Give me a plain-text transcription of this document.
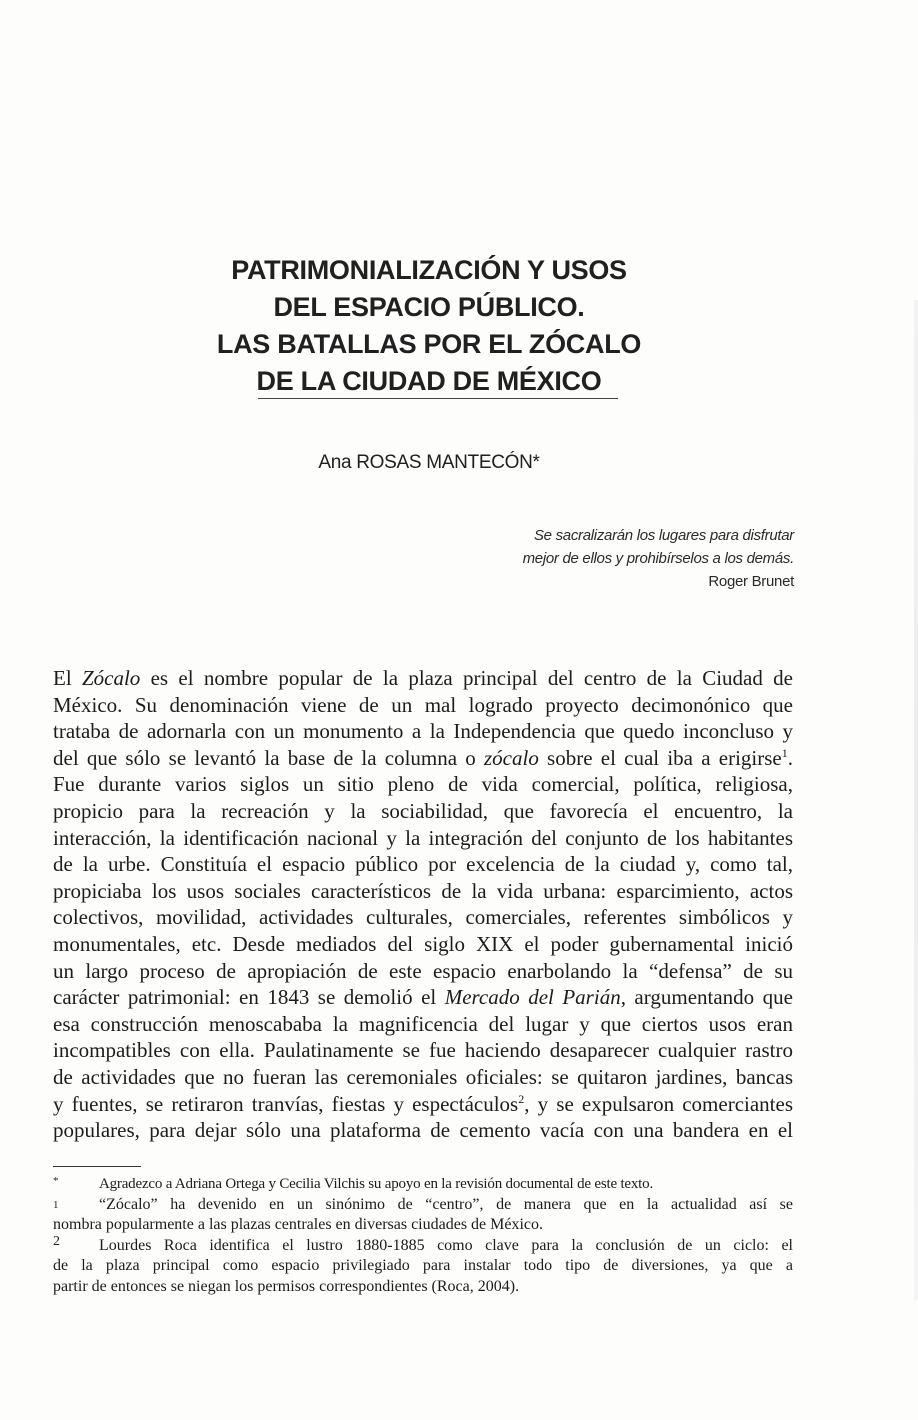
PATRIMONIALIZACIÓN Y USOS
DEL ESPACIO PÚBLICO.
LAS BATALLAS POR EL ZÓCALO
DE LA CIUDAD DE MÉXICO
Ana ROSAS MANTECÓN*
Se sacralizarán los lugares para disfrutar
mejor de ellos y prohibírselos a los demás.
Roger Brunet
El Zócalo es el nombre popular de la plaza principal del centro de la Ciudad de
México. Su denominación viene de un mal logrado proyecto decimonónico que
trataba de adornarla con un monumento a la Independencia que quedo inconcluso y
del que sólo se levantó la base de la columna o zócalo sobre el cual iba a erigirse$^1$.
Fue durante varios siglos un sitio pleno de vida comercial, política, religiosa,
propicio para la recreación y la sociabilidad, que favorecía el encuentro, la
interacción, la identificación nacional y la integración del conjunto de los habitantes
de la urbe. Constituía el espacio público por excelencia de la ciudad y, como tal,
propiciaba los usos sociales característicos de la vida urbana: esparcimiento, actos
colectivos, movilidad, actividades culturales, comerciales, referentes simbólicos y
monumentales, etc. Desde mediados del siglo XIX el poder gubernamental inició
un largo proceso de apropiación de este espacio enarbolando la “defensa” de su
carácter patrimonial: en 1843 se demolió el Mercado del Parián, argumentando que
esa construcción menoscababa la magnificencia del lugar y que ciertos usos eran
incompatibles con ella. Paulatinamente se fue haciendo desaparecer cualquier rastro
de actividades que no fueran las ceremoniales oficiales: se quitaron jardines, bancas
y fuentes, se retiraron tranvías, fiestas y espectáculos$^2$, y se expulsaron comerciantes
populares, para dejar sólo una plataforma de cemento vacía con una bandera en el
*	Agradezco a Adriana Ortega y Cecilia Vilchis su apoyo en la revisión documental de este texto.
1	“Zócalo” ha devenido en un sinónimo de “centro”, de manera que en la actualidad así se
nombra popularmente a las plazas centrales en diversas ciudades de México.
2	Lourdes Roca identifica el lustro 1880-1885 como clave para la conclusión de un ciclo: el
de la plaza principal como espacio privilegiado para instalar todo tipo de diversiones, ya que a
partir de entonces se niegan los permisos correspondientes (Roca, 2004).
